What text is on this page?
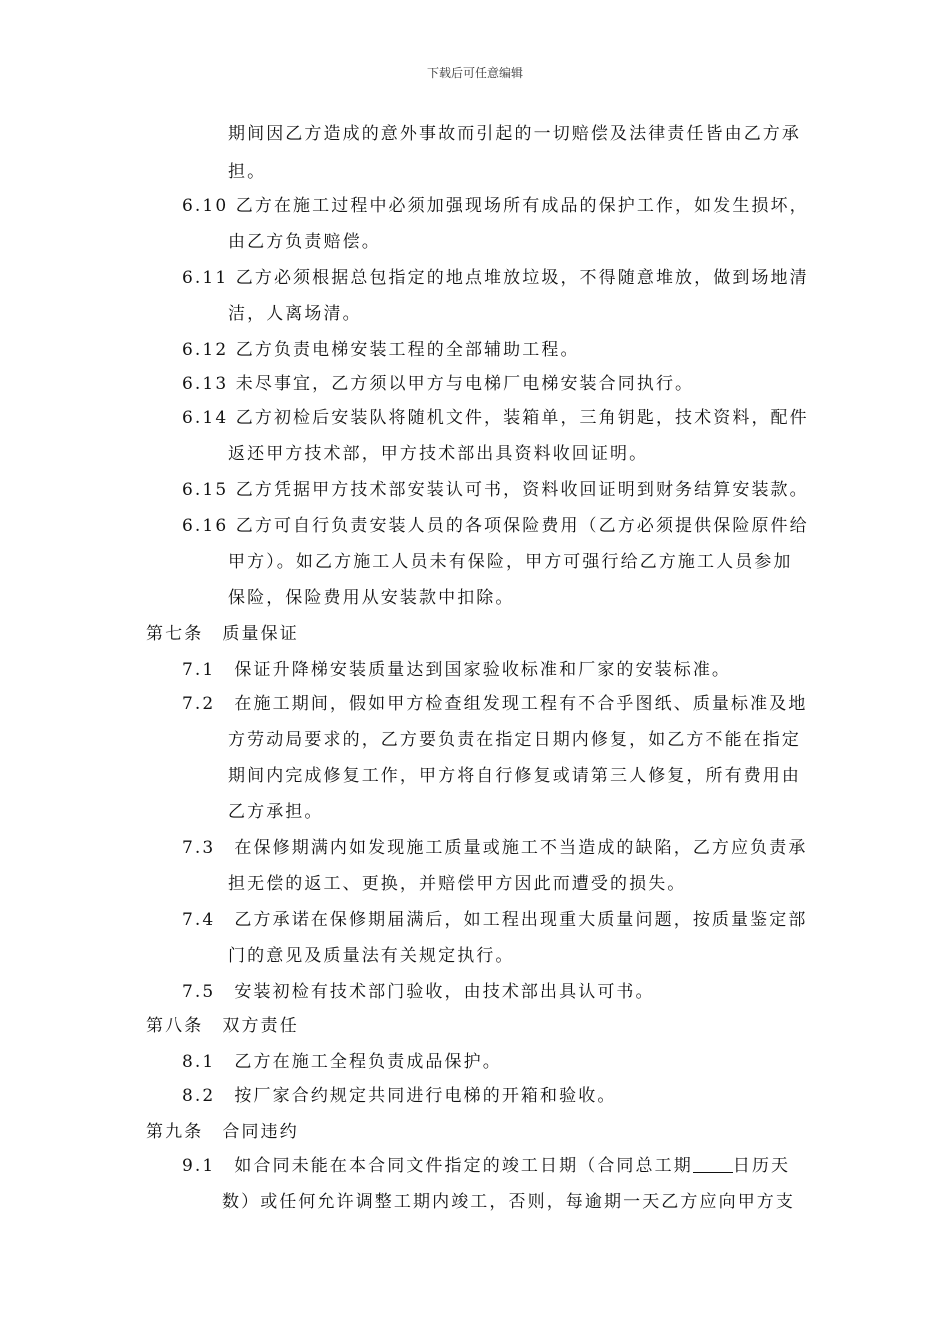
下载后可任意编辑
期间因乙方造成的意外事故而引起的一切赔偿及法律责任皆由乙方承
担。
6.10 乙方在施工过程中必须加强现场所有成品的保护工作，如发生损坏，
由乙方负责赔偿。
6.11 乙方必须根据总包指定的地点堆放垃圾，不得随意堆放，做到场地清
洁，人离场清。
6.12 乙方负责电梯安装工程的全部辅助工程。
6.13 未尽事宜，乙方须以甲方与电梯厂电梯安装合同执行。
6.14 乙方初检后安装队将随机文件，装箱单，三角钥匙，技术资料，配件
返还甲方技术部，甲方技术部出具资料收回证明。
6.15 乙方凭据甲方技术部安装认可书，资料收回证明到财务结算安装款。
6.16 乙方可自行负责安装人员的各项保险费用（乙方必须提供保险原件给
甲方）。如乙方施工人员未有保险，甲方可强行给乙方施工人员参加
保险，保险费用从安装款中扣除。
第七条　质量保证
7.1　保证升降梯安装质量达到国家验收标准和厂家的安装标准。
7.2　在施工期间，假如甲方检查组发现工程有不合乎图纸、质量标准及地
方劳动局要求的，乙方要负责在指定日期内修复，如乙方不能在指定
期间内完成修复工作，甲方将自行修复或请第三人修复，所有费用由
乙方承担。
7.3　在保修期满内如发现施工质量或施工不当造成的缺陷，乙方应负责承
担无偿的返工、更换，并赔偿甲方因此而遭受的损失。
7.4　乙方承诺在保修期届满后，如工程出现重大质量问题，按质量鉴定部
门的意见及质量法有关规定执行。
7.5　安装初检有技术部门验收，由技术部出具认可书。
第八条　双方责任
8.1　乙方在施工全程负责成品保护。
8.2　按厂家合约规定共同进行电梯的开箱和验收。
第九条　合同违约
9.1　如合同未能在本合同文件指定的竣工日期（合同总工期 日历天
数）或任何允许调整工期内竣工，否则，每逾期一天乙方应向甲方支
